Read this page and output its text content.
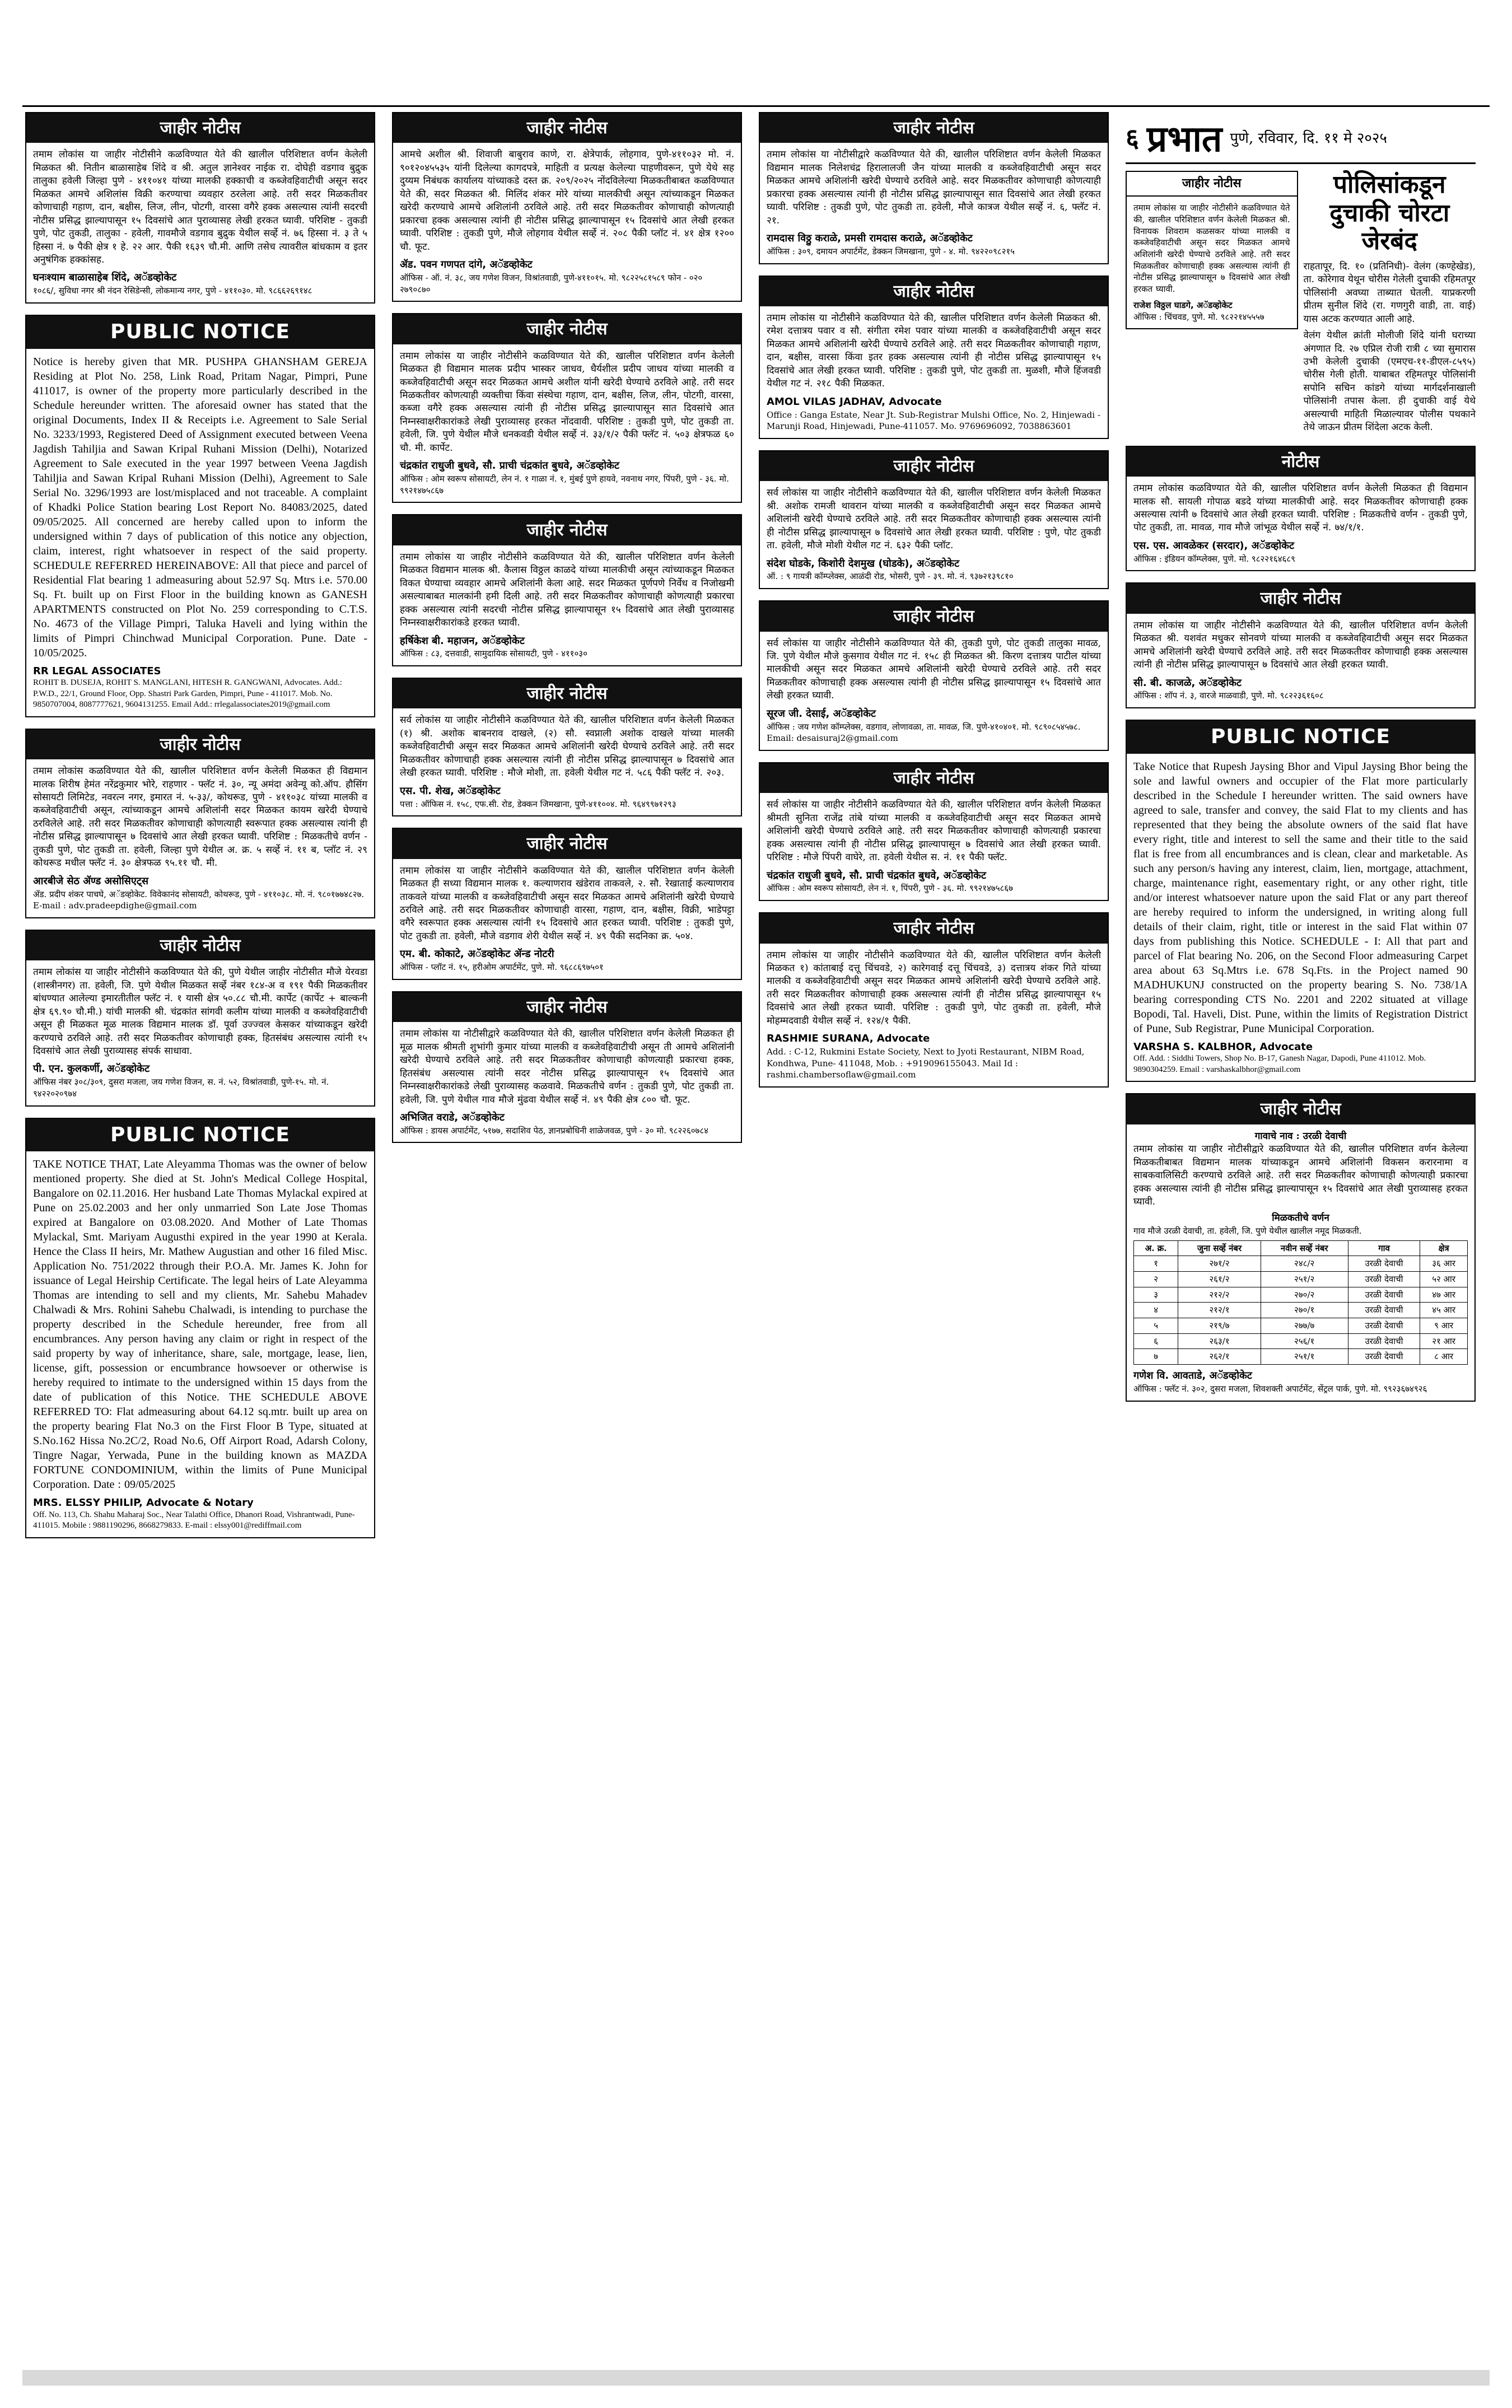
जाहीर नोटीस
तमाम लोकांस या जाहीर नोटीसीने कळविण्यात येते की खालील परिशिष्टात वर्णन केलेली मिळकत श्री. नितीन बाळासाहेब शिंदे व श्री. अतुल ज्ञानेश्वर नाईक रा. दोघेही वडगाव बुद्रुक तालुका हवेली जिल्हा पुणे - ४११०४१ यांच्या मालकी हक्काची व कब्जेवहिवाटीची असून सदर मिळकत आमचे अशिलांस विक्री करण्याचा व्यवहार ठरलेला आहे. तरी सदर मिळकतीवर कोणाचाही गहाण, दान, बक्षीस, लिज, लीन, पोटगी, वारसा वगैरे हक्क असल्यास त्यांनी सदरची नोटीस प्रसिद्ध झाल्यापासून १५ दिवसांचे आत पुराव्यासह लेखी हरकत घ्यावी. परिशिष्ट - तुकडी पुणे, पोट तुकडी, तालुका - हवेली, गावमौजे वडगाव बुद्रुक येथील सर्व्हे नं. ७६ हिस्सा नं. ३ ते ५ हिस्सा नं. ७ पैकी क्षेत्र १ हे. २२ आर. पैकी १६३९ चौ.मी. आणि तसेच त्यावरील बांधकाम व इतर अनुषंगिक हक्कांसह.
घनःश्याम बाळासाहेब शिंदे, अॅडव्होकेट
१०८६/, सुविधा नगर श्री नंदन रेसिडेन्सी, लोकमान्य नगर, पुणे - ४११०३०. मो. ९८६६२६९१४८
PUBLIC NOTICE
Notice is hereby given that MR. PUSHPA GHANSHAM GEREJA Residing at Plot No. 258, Link Road, Pritam Nagar, Pimpri, Pune 411017, is owner of the property more particularly described in the Schedule hereunder written. The aforesaid owner has stated that the original Documents, Index II & Receipts i.e. Agreement to Sale Serial No. 3233/1993, Registered Deed of Assignment executed between Veena Jagdish Tahiljia and Sawan Kripal Ruhani Mission (Delhi), Notarized Agreement to Sale executed in the year 1997 between Veena Jagdish Tahiljia and Sawan Kripal Ruhani Mission (Delhi), Agreement to Sale Serial No. 3296/1993 are lost/misplaced and not traceable. A complaint of Khadki Police Station bearing Lost Report No. 84083/2025, dated 09/05/2025. All concerned are hereby called upon to inform the undersigned within 7 days of publication of this notice any objection, claim, interest, right whatsoever in respect of the said property. SCHEDULE REFERRED HEREINABOVE: All that piece and parcel of Residential Flat bearing 1 admeasuring about 52.97 Sq. Mtrs i.e. 570.00 Sq. Ft. built up on First Floor in the building known as GANESH APARTMENTS constructed on Plot No. 259 corresponding to C.T.S. No. 4673 of the Village Pimpri, Taluka Haveli and lying within the limits of Pimpri Chinchwad Municipal Corporation. Pune. Date - 10/05/2025.
RR LEGAL ASSOCIATES
ROHIT B. DUSEJA, ROHIT S. MANGLANI, HITESH R. GANGWANI, Advocates. Add.: P.W.D., 22/1, Ground Floor, Opp. Shastri Park Garden, Pimpri, Pune - 411017. Mob. No. 9850707004, 8087777621, 9604131255. Email Add.: rrlegalassociates2019@gmail.com
जाहीर नोटीस
तमाम लोकांस कळविण्यात येते की, खालील परिशिष्टात वर्णन केलेली मिळकत ही विद्यमान मालक शिरीष हेमंत नरेंद्रकुमार भोरे, राहणार - फ्लॅट नं. ३०, न्यू अमंदा अवेन्यू को.ऑप. हौसिंग सोसायटी लिमिटेड, नवरत्न नगर, इमारत नं. ५-३३/, कोथरूड, पुणे - ४११०३८ यांच्या मालकी व कब्जेवहिवाटीची असून, त्यांच्याकडून आमचे अशिलांनी सदर मिळकत कायम खरेदी घेण्याचे ठरविलेले आहे. तरी सदर मिळकतीवर कोणाचाही कोणत्याही स्वरूपात हक्क असल्यास त्यांनी ही नोटीस प्रसिद्ध झाल्यापासून ७ दिवसांचे आत लेखी हरकत घ्यावी. परिशिष्ट : मिळकतीचे वर्णन - तुकडी पुणे, पोट तुकडी ता. हवेली, जिल्हा पुणे येथील अ. क्र. ५ सर्व्हे नं. ११ ब, प्लॉट नं. २९ कोथरूड मधील फ्लॅट नं. ३० क्षेत्रफळ ९५.११ चौ. मी.
आरबीजे सेठ ॲण्ड असोसिएट्स
ॲड. प्रदीप शंकर पाचघे, अॅडव्होकेट. विवेकानंद सोसायटी, कोथरूड, पुणे - ४११०३८. मो. नं. ९८०१७७४८२७. E-mail : adv.pradeepdighe@gmail.com
जाहीर नोटीस
तमाम लोकांस या जाहीर नोटीसीने कळविण्यात येते की, पुणे येथील जाहीर नोटीसीत मौजे येरवडा (शास्त्रीनगर) ता. हवेली, जि. पुणे येथील मिळकत सर्व्हे नंबर १८४-अ व १९१ पैकी मिळकतीवर बांधण्यात आलेल्या इमारतीतील फ्लॅट नं. १ यासी क्षेत्र ५०.८८ चौ.मी. कार्पेट (कार्पेट + बाल्कनी क्षेत्र ६९.९० चौ.मी.) यांची मालकी श्री. चंद्रकांत सांगवी कलीम यांच्या मालकी व कब्जेवहिवाटीची असून ही मिळकत मूळ मालक विद्यमान मालक डॉ. पूर्वा उज्ज्वल केसकर यांच्याकडून खरेदी करण्याचे ठरविले आहे. तरी सदर मिळकतीवर कोणाचाही हक्क, हितसंबंध असल्यास त्यांनी १५ दिवसांचे आत लेखी पुराव्यासह संपर्क साधावा.
पी. एन. कुलकर्णी, अॅडव्होकेट
ऑफिस नंबर ३०८/३०९, दुसरा मजला, जय गणेश विजन, स. नं. ५२, विश्रांतवाडी, पुणे-१५. मो. नं. ९४२२०२०९७४
PUBLIC NOTICE
TAKE NOTICE THAT, Late Aleyamma Thomas was the owner of below mentioned property. She died at St. John's Medical College Hospital, Bangalore on 02.11.2016. Her husband Late Thomas Mylackal expired at Pune on 25.02.2003 and her only unmarried Son Late Jose Thomas expired at Bangalore on 03.08.2020. And Mother of Late Thomas Mylackal, Smt. Mariyam Augusthi expired in the year 1990 at Kerala. Hence the Class II heirs, Mr. Mathew Augustian and other 16 filed Misc. Application No. 751/2022 through their P.O.A. Mr. James K. John for issuance of Legal Heirship Certificate. The legal heirs of Late Aleyamma Thomas are intending to sell and my clients, Mr. Sahebu Mahadev Chalwadi & Mrs. Rohini Sahebu Chalwadi, is intending to purchase the property described in the Schedule hereunder, free from all encumbrances. Any person having any claim or right in respect of the said property by way of inheritance, share, sale, mortgage, lease, lien, license, gift, possession or encumbrance howsoever or otherwise is hereby required to intimate to the undersigned within 15 days from the date of publication of this Notice. THE SCHEDULE ABOVE REFERRED TO: Flat admeasuring about 64.12 sq.mtr. built up area on the property bearing Flat No.3 on the First Floor B Type, situated at S.No.162 Hissa No.2C/2, Road No.6, Off Airport Road, Adarsh Colony, Tingre Nagar, Yerwada, Pune in the building known as MAZDA FORTUNE CONDOMINIUM, within the limits of Pune Municipal Corporation. Date : 09/05/2025
MRS. ELSSY PHILIP, Advocate & Notary
Off. No. 113, Ch. Shahu Maharaj Soc., Near Talathi Office, Dhanori Road, Vishrantwadi, Pune- 411015. Mobile : 9881190296, 8668279833. E-mail : elssy001@rediffmail.com
जाहीर नोटीस
आमचे अशील श्री. शिवाजी बाबुराव काणे, रा. क्षेत्रेपार्क, लोहगाव, पुणे-४११०३२ मो. नं. ९०१२०४५५३५ यांनी दिलेल्या कागदपत्रे, माहिती व प्रत्यक्ष केलेल्या पाहणीवरून, पुणे येथे सह दुय्यम निबंधक कार्यालय यांच्याकडे दस्त क्र. २०९/२०२५ नोंदविलेल्या मिळकतीबाबत कळविण्यात येते की, सदर मिळकत श्री. मिलिंद शंकर मोरे यांच्या मालकीची असून त्यांच्याकडून मिळकत खरेदी करण्याचे आमचे अशिलांनी ठरविले आहे. तरी सदर मिळकतीवर कोणाचाही कोणत्याही प्रकारचा हक्क असल्यास त्यांनी ही नोटीस प्रसिद्ध झाल्यापासून १५ दिवसांचे आत लेखी हरकत घ्यावी. परिशिष्ट : तुकडी पुणे, मौजे लोहगाव येथील सर्व्हे नं. २०८ पैकी प्लॉट नं. ४१ क्षेत्र १२०० चौ. फूट.
ॲड. पवन गणपत दांगे, अॅडव्होकेट
ऑफिस - ऑ. नं. ३८, जय गणेश विजन, विश्रांतवाडी, पुणे-४११०१५. मो. ९८२२५८१५८९ फोन - ०२० २७९०८७०
जाहीर नोटीस
तमाम लोकांस या जाहीर नोटीसीने कळविण्यात येते की, खालील परिशिष्टात वर्णन केलेली मिळकत ही विद्यमान मालक प्रदीप भास्कर जाधव, धैर्यशील प्रदीप जाधव यांच्या मालकी व कब्जेवहिवाटीची असून सदर मिळकत आमचे अशील यांनी खरेदी घेण्याचे ठरविले आहे. तरी सदर मिळकतीवर कोणत्याही व्यक्तीचा किंवा संस्थेचा गहाण, दान, बक्षीस, लिज, लीन, पोटगी, वारसा, कब्जा वगैरे हक्क असल्यास त्यांनी ही नोटीस प्रसिद्ध झाल्यापासून सात दिवसांचे आत निम्नस्वाक्षरीकारांकडे लेखी पुराव्यासह हरकत नोंदवावी. परिशिष्ट : तुकडी पुणे, पोट तुकडी ता. हवेली, जि. पुणे येथील मौजे धनकवडी येथील सर्व्हे नं. ३३/१/२ पैकी फ्लॅट नं. ५०३ क्षेत्रफळ ६० चौ. मी. कार्पेट.
चंद्रकांत राधुजी बुधवे, सौ. प्राची चंद्रकांत बुधवे, अॅडव्होकेट
ऑफिस : ओम स्वरूप सोसायटी, लेन नं. १ गाळा नं. १, मुंबई पुणे हायवे, नवनाथ नगर, पिंपरी, पुणे - ३६. मो. ९९२१४७५८६७
जाहीर नोटीस
तमाम लोकांस या जाहीर नोटीसीने कळविण्यात येते की, खालील परिशिष्टात वर्णन केलेली मिळकत विद्यमान मालक श्री. कैलास विठ्ठल काळदे यांच्या मालकीची असून त्यांच्याकडून मिळकत विकत घेण्याचा व्यवहार आमचे अशिलांनी केला आहे. सदर मिळकत पूर्णपणे निर्वेध व निजोखमी असल्याबाबत मालकांनी हमी दिली आहे. तरी सदर मिळकतीवर कोणाचाही कोणत्याही प्रकारचा हक्क असल्यास त्यांनी सदरची नोटीस प्रसिद्ध झाल्यापासून १५ दिवसांचे आत लेखी पुराव्यासह निम्नस्वाक्षरीकारांकडे हरकत घ्यावी.
हर्षिकेश बी. महाजन, अॅडव्होकेट
ऑफिस : ८३, दत्तवाडी, सामुदायिक सोसायटी, पुणे - ४११०३०
जाहीर नोटीस
सर्व लोकांस या जाहीर नोटीसीने कळविण्यात येते की, खालील परिशिष्टात वर्णन केलेली मिळकत (१) श्री. अशोक बाबनराव दाखले, (२) सौ. स्वप्नाली अशोक दाखले यांच्या मालकी कब्जेवहिवाटीची असून सदर मिळकत आमचे अशिलांनी खरेदी घेण्याचे ठरविले आहे. तरी सदर मिळकतीवर कोणाचाही हक्क असल्यास त्यांनी ही नोटीस प्रसिद्ध झाल्यापासून ७ दिवसांचे आत लेखी हरकत घ्यावी. परिशिष्ट : मौजे मोशी, ता. हवेली येथील गट नं. ५८६ पैकी फ्लॅट नं. २०३.
एस. पी. शेख, अॅडव्होकेट
पत्ता : ऑफिस नं. १५८, एफ.सी. रोड, डेक्कन जिमखाना, पुणे-४११००४. मो. ९६४९९७१२९३
जाहीर नोटीस
तमाम लोकांस या जाहीर नोटीसीने कळविण्यात येते की, खालील परिशिष्टात वर्णन केलेली मिळकत ही सध्या विद्यमान मालक १. कल्याणराव खंडेराव ताकवले, २. सौ. रेखाताई कल्याणराव ताकवले यांच्या मालकी व कब्जेवहिवाटीची असून सदर मिळकत आमचे अशिलांनी खरेदी घेण्याचे ठरविले आहे. तरी सदर मिळकतीवर कोणाचाही वारसा, गहाण, दान, बक्षीस, विक्री, भाडेपट्टा वगैरे स्वरूपात हक्क असल्यास त्यांनी १५ दिवसांचे आत हरकत घ्यावी. परिशिष्ट : तुकडी पुणे, पोट तुकडी ता. हवेली, मौजे वडगाव शेरी येथील सर्व्हे नं. ४९ पैकी सदनिका क्र. ५०४.
एम. बी. कोकाटे, अॅडव्होकेट ॲन्ड नोटरी
ऑफिस - प्लॉट नं. १५, हरीओम अपार्टमेंट, पुणे. मो. ९६८८६९७५०१
जाहीर नोटीस
तमाम लोकांस या नोटीसीद्वारे कळविण्यात येते की, खालील परिशिष्टात वर्णन केलेली मिळकत ही मूळ मालक श्रीमती शुभांगी कुमार यांच्या मालकी व कब्जेवहिवाटीची असून ती आमचे अशिलांनी खरेदी घेण्याचे ठरविले आहे. तरी सदर मिळकतीवर कोणाचाही कोणत्याही प्रकारचा हक्क, हितसंबंध असल्यास त्यांनी सदर नोटीस प्रसिद्ध झाल्यापासून १५ दिवसांचे आत निम्नस्वाक्षरीकारांकडे लेखी पुराव्यासह कळवावे. मिळकतीचे वर्णन : तुकडी पुणे, पोट तुकडी ता. हवेली, जि. पुणे येथील गाव मौजे मुंढवा येथील सर्व्हे नं. ४९ पैकी क्षेत्र ८०० चौ. फूट.
अभिजित वराडे, अॅडव्होकेट
ऑफिस : डायस अपार्टमेंट, ५१७७, सदाशिव पेठ, ज्ञानप्रबोधिनी शाळेजवळ, पुणे - ३० मो. ९८२२६०७८४
जाहीर नोटीस
तमाम लोकांस या नोटीसीद्वारे कळविण्यात येते की, खालील परिशिष्टात वर्णन केलेली मिळकत विद्यमान मालक निलेशचंद्र हिरालालजी जैन यांच्या मालकी व कब्जेवहिवाटीची असून सदर मिळकत आमचे अशिलांनी खरेदी घेण्याचे ठरविले आहे. सदर मिळकतीवर कोणाचाही कोणत्याही प्रकारचा हक्क असल्यास त्यांनी ही नोटीस प्रसिद्ध झाल्यापासून सात दिवसांचे आत लेखी हरकत घ्यावी. परिशिष्ट : तुकडी पुणे, पोट तुकडी ता. हवेली, मौजे कात्रज येथील सर्व्हे नं. ६, फ्लॅट नं. २१.
रामदास विठ्ठु कराळे, प्रमसी रामदास कराळे, अॅडव्होकेट
ऑफिस : ३०९, दमायन अपार्टमेंट, डेक्कन जिमखाना, पुणे - ४. मो. ९४२२०९८२१५
जाहीर नोटीस
तमाम लोकांस या नोटीसीने कळविण्यात येते की, खालील परिशिष्टात वर्णन केलेली मिळकत श्री. रमेश दत्तात्रय पवार व सौ. संगीता रमेश पवार यांच्या मालकी व कब्जेवहिवाटीची असून सदर मिळकत आमचे अशिलांनी खरेदी घेण्याचे ठरविले आहे. तरी सदर मिळकतीवर कोणाचाही गहाण, दान, बक्षीस, वारसा किंवा इतर हक्क असल्यास त्यांनी ही नोटीस प्रसिद्ध झाल्यापासून १५ दिवसांचे आत लेखी हरकत घ्यावी. परिशिष्ट : तुकडी पुणे, पोट तुकडी ता. मुळशी, मौजे हिंजवडी येथील गट नं. २१८ पैकी मिळकत.
AMOL VILAS JADHAV, Advocate
Office : Ganga Estate, Near Jt. Sub-Registrar Mulshi Office, No. 2, Hinjewadi - Marunji Road, Hinjewadi, Pune-411057. Mo. 9769696092, 7038863601
जाहीर नोटीस
सर्व लोकांस या जाहीर नोटीसीने कळविण्यात येते की, खालील परिशिष्टात वर्णन केलेली मिळकत श्री. अशोक रामजी थावरान यांच्या मालकी व कब्जेवहिवाटीची असून सदर मिळकत आमचे अशिलांनी खरेदी घेण्याचे ठरविले आहे. तरी सदर मिळकतीवर कोणाचाही हक्क असल्यास त्यांनी ही नोटीस प्रसिद्ध झाल्यापासून ७ दिवसांचे आत लेखी हरकत घ्यावी. परिशिष्ट : पुणे, पोट तुकडी ता. हवेली, मौजे मोशी येथील गट नं. ६३२ पैकी प्लॉट.
संदेश घोडके, किशोरी देशमुख (घोडके), अॅडव्होकेट
ऑ. : ९ गायत्री कॉम्प्लेक्स, आळंदी रोड, भोसरी, पुणे - ३९. मो. नं. ९३७२१३९८१०
जाहीर नोटीस
सर्व लोकांस या जाहीर नोटीसीने कळविण्यात येते की, तुकडी पुणे, पोट तुकडी तालुका मावळ, जि. पुणे येथील मौजे कुसगाव येथील गट नं. १५८ ही मिळकत श्री. किरण दत्तात्रय पाटील यांच्या मालकीची असून सदर मिळकत आमचे अशिलांनी खरेदी घेण्याचे ठरविले आहे. तरी सदर मिळकतीवर कोणाचाही हक्क असल्यास त्यांनी ही नोटीस प्रसिद्ध झाल्यापासून १५ दिवसांचे आत लेखी हरकत घ्यावी.
सूरज जी. देसाई, अॅडव्होकेट
ऑफिस : जय गणेश कॉम्प्लेक्स, वडगाव, लोणावळा, ता. मावळ, जि. पुणे-४१०४०१. मो. ९८९०८५४५७८. Email: desaisuraj2@gmail.com
जाहीर नोटीस
सर्व लोकांस या जाहीर नोटीसीने कळविण्यात येते की, खालील परिशिष्टात वर्णन केलेली मिळकत श्रीमती सुनिता राजेंद्र तांबे यांच्या मालकी व कब्जेवहिवाटीची असून सदर मिळकत आमचे अशिलांनी खरेदी घेण्याचे ठरविले आहे. तरी सदर मिळकतीवर कोणाचाही कोणत्याही प्रकारचा हक्क असल्यास त्यांनी ही नोटीस प्रसिद्ध झाल्यापासून ७ दिवसांचे आत लेखी हरकत घ्यावी. परिशिष्ट : मौजे पिंपरी वाघेरे, ता. हवेली येथील स. नं. ११ पैकी फ्लॅट.
चंद्रकांत राधुजी बुधवे, सौ. प्राची चंद्रकांत बुधवे, अॅडव्होकेट
ऑफिस : ओम स्वरूप सोसायटी, लेन नं. १, पिंपरी, पुणे - ३६. मो. ९९२१४७५८६७
जाहीर नोटीस
तमाम लोकांस या जाहीर नोटीसीने कळविण्यात येते की, खालील परिशिष्टात वर्णन केलेली मिळकत १) कांताबाई दत्तू चिंचवडे, २) कारेगवाई दत्तू चिंचवडे, ३) दत्तात्रय शंकर गिते यांच्या मालकी व कब्जेवहिवाटीची असून सदर मिळकत आमचे अशिलांनी खरेदी घेण्याचे ठरविले आहे. तरी सदर मिळकतीवर कोणाचाही हक्क असल्यास त्यांनी ही नोटीस प्रसिद्ध झाल्यापासून १५ दिवसांचे आत लेखी हरकत घ्यावी. परिशिष्ट : तुकडी पुणे, पोट तुकडी ता. हवेली, मौजे मोहम्मदवाडी येथील सर्व्हे नं. १२४/१ पैकी.
RASHMIE SURANA, Advocate
Add. : C-12, Rukmini Estate Society, Next to Jyoti Restaurant, NIBM Road, Kondhwa, Pune- 411048, Mob. : +919096155043. Mail Id : rashmi.chambersoflaw@gmail.com
६ प्रभात पुणे, रविवार, दि. ११ मे २०२५
जाहीर नोटीस
तमाम लोकांस या जाहीर नोटीसीने कळविण्यात येते की, खालील परिशिष्टात वर्णन केलेली मिळकत श्री. विनायक शिवराम कळसकर यांच्या मालकी व कब्जेवहिवाटीची असून सदर मिळकत आमचे अशिलांनी खरेदी घेण्याचे ठरविले आहे. तरी सदर मिळकतीवर कोणाचाही हक्क असल्यास त्यांनी ही नोटीस प्रसिद्ध झाल्यापासून ७ दिवसांचे आत लेखी हरकत घ्यावी.
राजेश विठ्ठल घाडगे, अॅडव्होकेट
ऑफिस : चिंचवड, पुणे. मो. ९८२२१४५५५७
पोलिसांकडून दुचाकी चोरटा जेरबंद
राहतापूर, दि. १० (प्रतिनिधी)- वेलंग (कण्हेखेड), ता. कोरेगाव येथून चोरीस गेलेली दुचाकी रहिमतपूर पोलिसांनी अवघ्या ताब्यात घेतली. याप्रकरणी प्रीतम सुनील शिंदे (रा. गणगुरी वाडी, ता. वाई) यास अटक करण्यात आली आहे.
वेलंग येथील क्रांती मोलीजी शिंदे यांनी घराच्या अंगणात दि. २७ एप्रिल रोजी रात्री ८ च्या सुमारास उभी केलेली दुचाकी (एमएच-११-डीएल-८५९५) चोरीस गेली होती. याबाबत रहिमतपूर पोलिसांनी सपोनि सचिन कांडगे यांच्या मार्गदर्शनाखाली पोलिसांनी तपास केला. ही दुचाकी वाई येथे असल्याची माहिती मिळाल्यावर पोलीस पथकाने तेथे जाऊन प्रीतम शिंदेला अटक केली.
नोटीस
तमाम लोकांस कळविण्यात येते की, खालील परिशिष्टात वर्णन केलेली मिळकत ही विद्यमान मालक सौ. सायली गोपाळ बडदे यांच्या मालकीची आहे. सदर मिळकतीवर कोणाचाही हक्क असल्यास त्यांनी ७ दिवसांचे आत लेखी हरकत घ्यावी. परिशिष्ट : मिळकतीचे वर्णन - तुकडी पुणे, पोट तुकडी, ता. मावळ, गाव मौजे जांभूळ येथील सर्व्हे नं. ७४/१/१.
एस. एस. आवळेकर (सरदार), अॅडव्होकेट
ऑफिस : इंडियन कॉम्प्लेक्स, पुणे. मो. ९८२२१६४६८९
जाहीर नोटीस
तमाम लोकांस या जाहीर नोटीसीने कळविण्यात येते की, खालील परिशिष्टात वर्णन केलेली मिळकत श्री. यशवंत मधुकर सोनवणे यांच्या मालकी व कब्जेवहिवाटीची असून सदर मिळकत आमचे अशिलांनी खरेदी घेण्याचे ठरविले आहे. तरी सदर मिळकतीवर कोणाचाही हक्क असल्यास त्यांनी ही नोटीस प्रसिद्ध झाल्यापासून ७ दिवसांचे आत लेखी हरकत घ्यावी.
सी. बी. काजळे, अॅडव्होकेट
ऑफिस : शॉप नं. ३, वारजे माळवाडी, पुणे. मो. ९८२२३६१६०८
PUBLIC NOTICE
Take Notice that Rupesh Jaysing Bhor and Vipul Jaysing Bhor being the sole and lawful owners and occupier of the Flat more particularly described in the Schedule I hereunder written. The said owners have agreed to sale, transfer and convey, the said Flat to my clients and has represented that they being the absolute owners of the said flat have every right, title and interest to sell the same and their title to the said flat is free from all encumbrances and is clean, clear and marketable. As such any person/s having any interest, claim, lien, mortgage, attachment, charge, maintenance right, easementary right, or any other right, title and/or interest whatsoever nature upon the said Flat or any part thereof are hereby required to inform the undersigned, in writing along full details of their claim, right, title or interest in the said Flat within 07 days from publishing this Notice. SCHEDULE - I: All that part and parcel of Flat bearing No. 206, on the Second Floor admeasuring Carpet area about 63 Sq.Mtrs i.e. 678 Sq.Fts. in the Project named 90 MADHUKUNJ constructed on the property bearing S. No. 738/1A bearing corresponding CTS No. 2201 and 2202 situated at village Bopodi, Tal. Haveli, Dist. Pune, within the limits of Registration District of Pune, Sub Registrar, Pune Municipal Corporation.
VARSHA S. KALBHOR, Advocate
Off. Add. : Siddhi Towers, Shop No. B-17, Ganesh Nagar, Dapodi, Pune 411012. Mob. 9890304259. Email : varshaskalbhor@gmail.com
जाहीर नोटीस
गावाचे नाव : उरळी देवाची
तमाम लोकांस या जाहीर नोटीसीद्वारे कळविण्यात येते की, खालील परिशिष्टात वर्णन केलेल्या मिळकतीबाबत विद्यमान मालक यांच्याकडून आमचे अशिलांनी विकसन करारनामा व साबकवालिसिटी करण्याचे ठरविले आहे. तरी सदर मिळकतीवर कोणाचाही कोणत्याही प्रकारचा हक्क असल्यास त्यांनी ही नोटीस प्रसिद्ध झाल्यापासून १५ दिवसांचे आत लेखी पुराव्यासह हरकत घ्यावी.
मिळकतीचे वर्णन
गाव मौजे उरळी देवाची, ता. हवेली, जि. पुणे येथील खालील नमूद मिळकती.
अ. क्र.	जुना सर्व्हे नंबर	नवीन सर्व्हे नंबर	गाव	क्षेत्र
१	२७१/२	२४८/२	उरळी देवाची	३६ आर
२	२६१/२	२५१/२	उरळी देवाची	५२ आर
३	२१२/२	२७०/२	उरळी देवाची	४७ आर
४	२१२/१	२७०/१	उरळी देवाची	४५ आर
५	२१९/७	२७७/७	उरळी देवाची	९ आर
६	२६३/१	२५६/१	उरळी देवाची	२१ आर
७	२६२/१	२५१/१	उरळी देवाची	८ आर
गणेश वि. आवताडे, अॅडव्होकेट
ऑफिस : फ्लॅट नं. ३०२, दुसरा मजला, शिवशक्ती अपार्टमेंट, सेंट्रल पार्क, पुणे. मो. ९९२३६७४९२६
